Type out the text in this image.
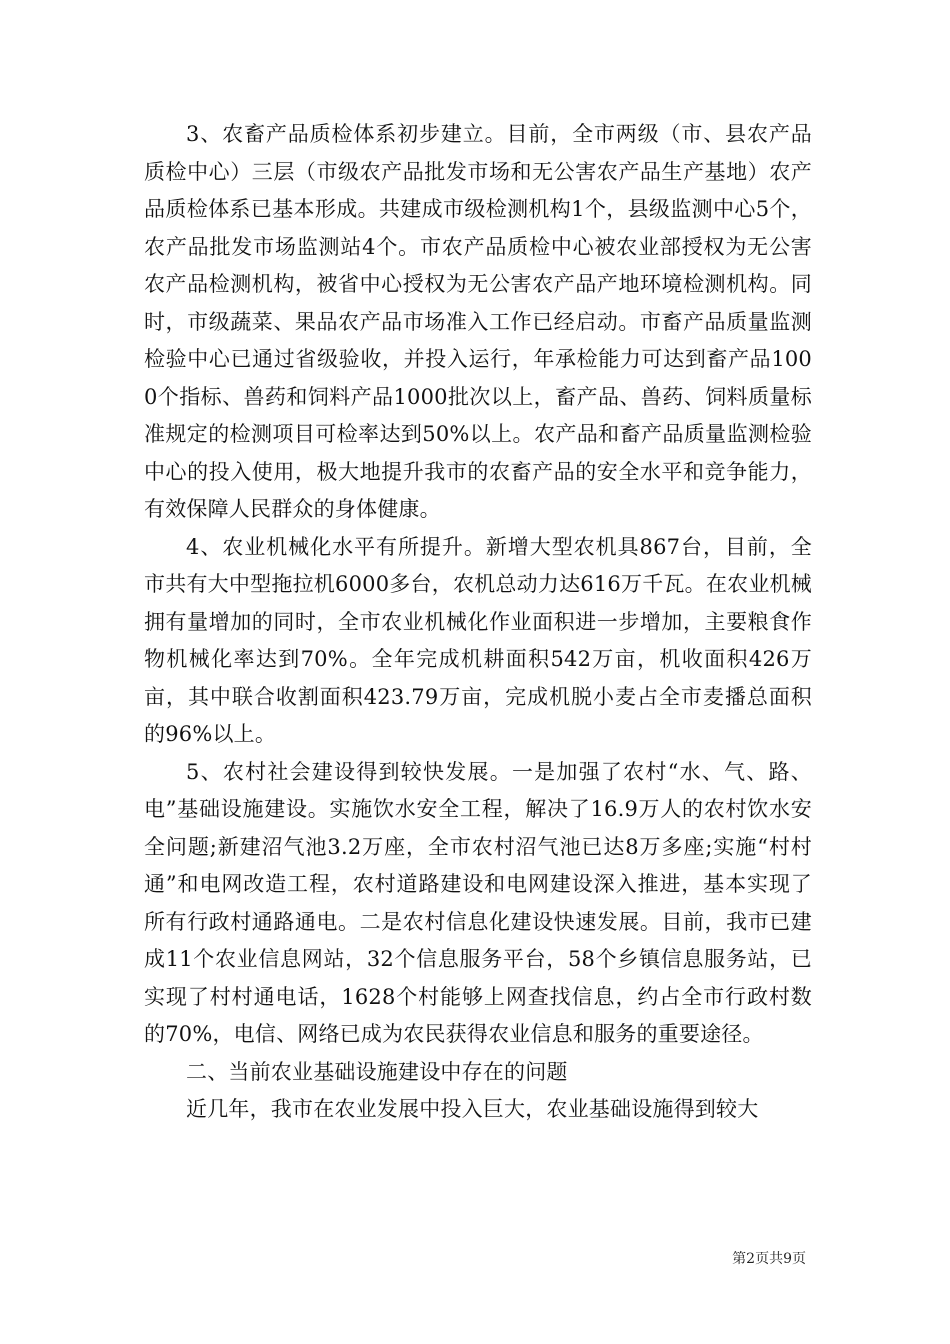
3、农畜产品质检体系初步建立。目前，全市两级（市、县农产品质检中心）三层（市级农产品批发市场和无公害农产品生产基地）农产品质检体系已基本形成。共建成市级检测机构1个，县级监测中心5个，农产品批发市场监测站4个。市农产品质检中心被农业部授权为无公害农产品检测机构，被省中心授权为无公害农产品产地环境检测机构。同时，市级蔬菜、果品农产品市场准入工作已经启动。市畜产品质量监测检验中心已通过省级验收，并投入运行，年承检能力可达到畜产品1000个指标、兽药和饲料产品1000批次以上，畜产品、兽药、饲料质量标准规定的检测项目可检率达到50%以上。农产品和畜产品质量监测检验中心的投入使用，极大地提升我市的农畜产品的安全水平和竞争能力，有效保障人民群众的身体健康。

4、农业机械化水平有所提升。新增大型农机具867台，目前，全市共有大中型拖拉机6000多台，农机总动力达616万千瓦。在农业机械拥有量增加的同时，全市农业机械化作业面积进一步增加，主要粮食作物机械化率达到70%。全年完成机耕面积542万亩，机收面积426万亩，其中联合收割面积423.79万亩，完成机脱小麦占全市麦播总面积的96%以上。

5、农村社会建设得到较快发展。一是加强了农村“水、气、路、电”基础设施建设。实施饮水安全工程，解决了16.9万人的农村饮水安全问题;新建沼气池3.2万座，全市农村沼气池已达8万多座;实施“村村通”和电网改造工程，农村道路建设和电网建设深入推进，基本实现了所有行政村通路通电。二是农村信息化建设快速发展。目前，我市已建成11个农业信息网站，32个信息服务平台，58个乡镇信息服务站，已实现了村村通电话，1628个村能够上网查找信息，约占全市行政村数的70%，电信、网络已成为农民获得农业信息和服务的重要途径。

二、当前农业基础设施建设中存在的问题

近几年，我市在农业发展中投入巨大，农业基础设施得到较大

第2页共9页
